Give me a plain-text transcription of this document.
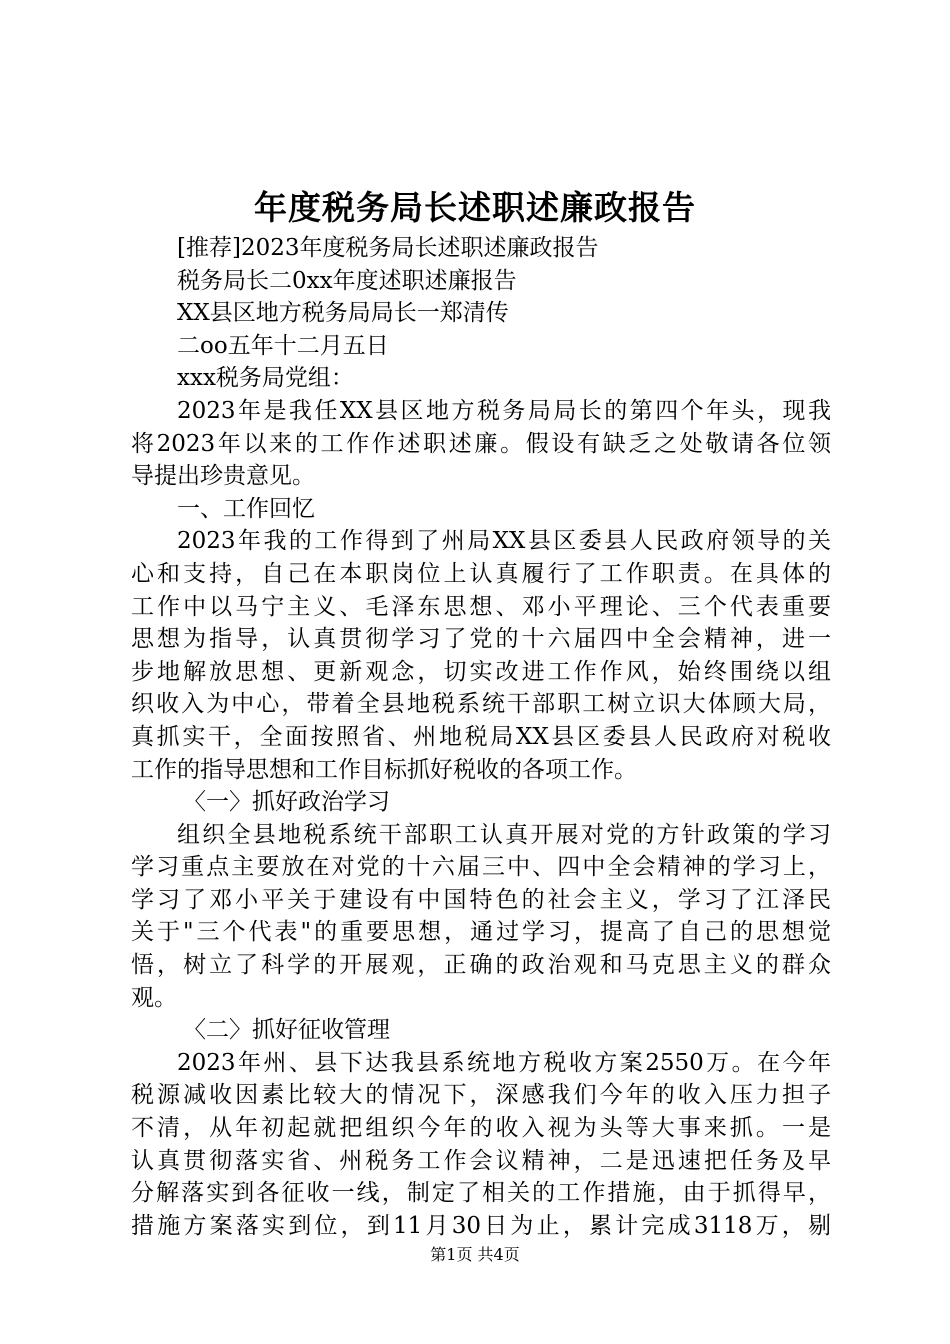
年度税务局长述职述廉政报告
[推荐]2023年度税务局长述职述廉政报告
税务局长二0xx年度述职述廉报告
XX县区地方税务局局长一郑清传
二oo五年十二月五日
xxx税务局党组：
2023年是我任XX县区地方税务局局长的第四个年头，现我
将2023年以来的工作作述职述廉。假设有缺乏之处敬请各位领
导提出珍贵意见。
一、工作回忆
2023年我的工作得到了州局XX县区委县人民政府领导的关
心和支持，自己在本职岗位上认真履行了工作职责。在具体的
工作中以马宁主义、毛泽东思想、邓小平理论、三个代表重要
思想为指导，认真贯彻学习了党的十六届四中全会精神，进一
步地解放思想、更新观念，切实改进工作作风，始终围绕以组
织收入为中心，带着全县地税系统干部职工树立识大体顾大局，
真抓实干，全面按照省、州地税局XX县区委县人民政府对税收
工作的指导思想和工作目标抓好税收的各项工作。
〈一〉抓好政治学习
组织全县地税系统干部职工认真开展对党的方针政策的学习
学习重点主要放在对党的十六届三中、四中全会精神的学习上，
学习了邓小平关于建设有中国特色的社会主义，学习了江泽民
关于"三个代表"的重要思想，通过学习，提高了自己的思想觉
悟，树立了科学的开展观，正确的政治观和马克思主义的群众
观。
〈二〉抓好征收管理
2023年州、县下达我县系统地方税收方案2550万。在今年
税源减收因素比较大的情况下，深感我们今年的收入压力担子
不清，从年初起就把组织今年的收入视为头等大事来抓。一是
认真贯彻落实省、州税务工作会议精神，二是迅速把任务及早
分解落实到各征收一线，制定了相关的工作措施，由于抓得早，
措施方案落实到位，到11月30日为止，累计完成3118万，剔
第1页 共4页
